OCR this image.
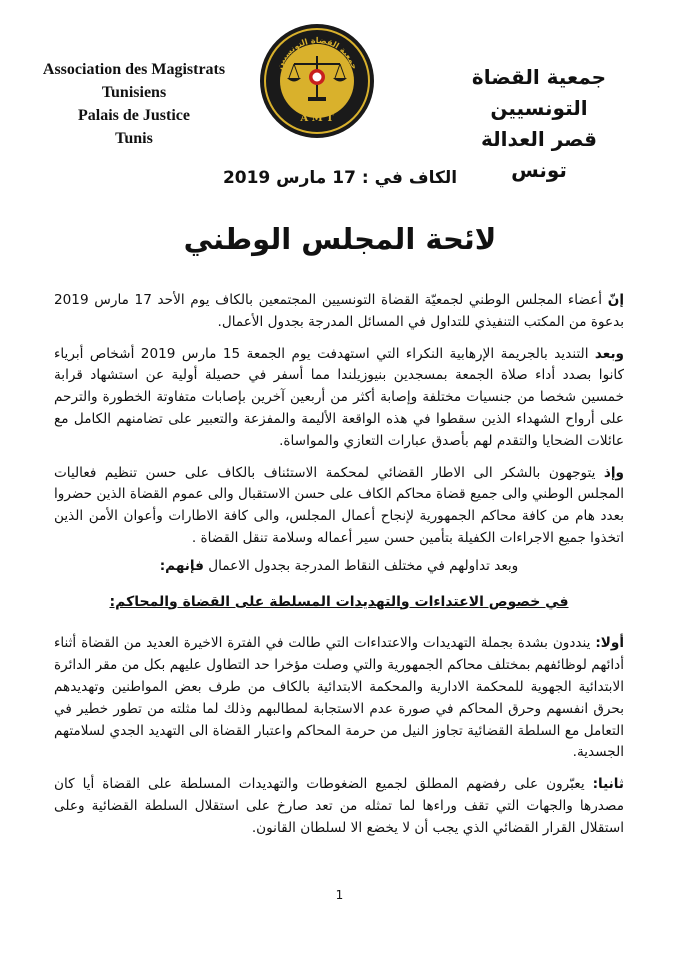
Association des Magistrats
Tunisiens
Palais de Justice
Tunis
جمعية القضاة التونسيين
A M T
جمعية القضاة التونسيين
قصر العدالة
تونس
الكاف في : 17 مارس 2019
لائحة المجلس الوطني

إنّ أعضاء المجلس الوطني لجمعيّة القضاة التونسيين المجتمعين بالكاف يوم الأحد 17 مارس 2019 بدعوة من المكتب التنفيذي للتداول في المسائل المدرجة بجدول الأعمال.

وبعد التنديد بالجريمة الإرهابية النكراء التي استهدفت يوم الجمعة 15 مارس 2019 أشخاص أبرياء كانوا بصدد أداء صلاة الجمعة بمسجدين بنيوزيلندا مما أسفر في حصيلة أولية عن استشهاد قرابة خمسين شخصا من جنسيات مختلفة وإصابة أكثر من أربعين آخرين بإصابات متفاوتة الخطورة والترحم على أرواح الشهداء الذين سقطوا في هذه الواقعة الأليمة والمفزعة والتعبير على تضامنهم الكامل مع عائلات الضحايا والتقدم لهم بأصدق عبارات التعازي والمواساة.

وإذ يتوجهون بالشكر الى الاطار القضائي لمحكمة الاستئناف بالكاف على حسن تنظيم فعاليات المجلس الوطني والى جميع قضاة محاكم الكاف على حسن الاستقبال والى عموم القضاة الذين حضروا بعدد هام من كافة محاكم الجمهورية لإنجاح أعمال المجلس، والى كافة الاطارات وأعوان الأمن الذين اتخذوا جميع الاجراءات الكفيلة بتأمين حسن سير أعماله وسلامة تنقل القضاة .

وبعد تداولهم في مختلف النقاط المدرجة بجدول الاعمال فإنهم:

في خصوص الاعتداءات والتهديدات المسلطة على القضاة والمحاكم:

أولا: ينددون بشدة بجملة التهديدات والاعتداءات التي طالت في الفترة الاخيرة العديد من القضاة أثناء أدائهم لوظائفهم بمختلف محاكم الجمهورية والتي وصلت مؤخرا حد التطاول عليهم بكل من مقر الدائرة الابتدائية الجهوية للمحكمة الادارية والمحكمة الابتدائية بالكاف من طرف بعض المواطنين وتهديدهم بحرق انفسهم وحرق المحاكم في صورة عدم الاستجابة لمطالبهم وذلك لما مثلته من تطور خطير في التعامل مع السلطة القضائية تجاوز النيل من حرمة المحاكم واعتبار القضاة الى التهديد الجدي لسلامتهم الجسدية.

ثانيا: يعبّرون على رفضهم المطلق لجميع الضغوطات والتهديدات المسلطة على القضاة أيا كان مصدرها والجهات التي تقف وراءها لما تمثله من تعد صارخ على استقلال السلطة القضائية وعلى استقلال القرار القضائي الذي يجب أن لا يخضع الا لسلطان القانون.

1
